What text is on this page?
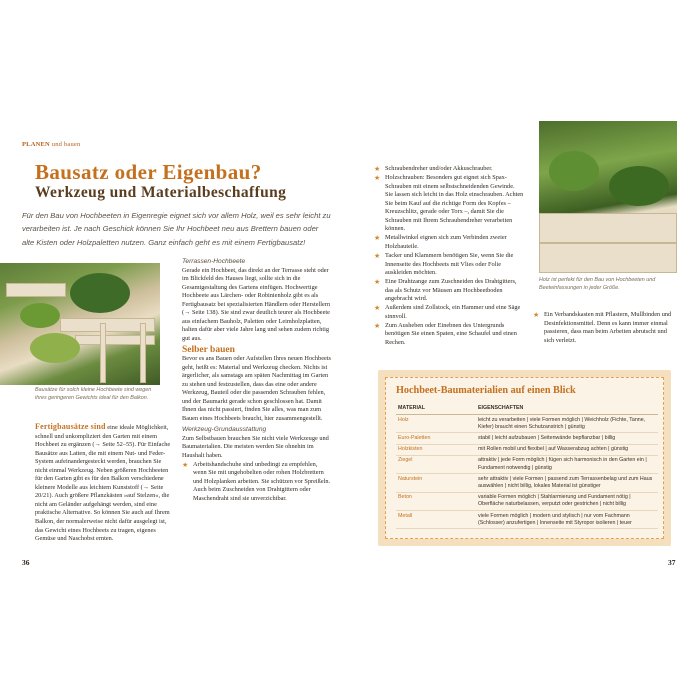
PLANEN und bauen
Bausatz oder Eigenbau?
Werkzeug und Materialbeschaffung
Für den Bau von Hochbeeten in Eigenregie eignet sich vor allem Holz, weil es sehr leicht zu verarbeiten ist. Je nach Geschick können Sie Ihr Hochbeet neu aus Brettern bauen oder alte Kisten oder Holzpaletten nutzen. Ganz einfach geht es mit einem Fertigbausatz!
Bausätze für solch kleine Hochbeete sind wegen ihres geringeren Gewichts ideal für den Balkon.
Fertigbausätze sind eine ideale Möglichkeit, schnell und unkompliziert den Garten mit einem Hochbeet zu ergänzen (→ Seite 52–55). Für Einfache Bausätze aus Latten, die mit einem Nut- und Feder-System aufeinandergesteckt werden, brauchen Sie nicht einmal Werkzeug. Neben größeren Hochbeeten für den Garten gibt es für den Balkon verschiedene kleinere Modelle aus leichtem Kunststoff (→ Seite 20/21). Auch größere Pflanzkästen »auf Stelzen«, die nicht am Geländer aufgehängt werden, sind eine praktische Alternative. So können Sie auch auf Ihrem Balkon, der normalerweise nicht dafür ausgelegt ist, das Gewicht eines Hochbeets zu tragen, eigenes Gemüse und Naschobst ernten.
Terrassen-Hochbeete
Gerade ein Hochbeet, das direkt an der Terrasse steht oder im Blickfeld des Hauses liegt, sollte sich in die Gesamtgestaltung des Gartens einfügen. Hochwertige Hochbeete aus Lärchen- oder Robinienholz gibt es als Fertigbausatz bei spezialisierten Händlern oder Herstellern (→ Seite 138). Sie sind zwar deutlich teurer als Hochbeete aus einfachem Bauholz, Paletten oder Leimholzplatten, halten dafür aber viele Jahre lang und sehen zudem richtig gut aus.
Selber bauen
Bevor es ans Bauen oder Aufstellen Ihres neuen Hochbeets geht, heißt es: Material und Werkzeug checken. Nichts ist ärgerlicher, als samstags am späten Nachmittag im Garten zu stehen und festzustellen, dass das eine oder andere Werkzeug, Bauteil oder die passenden Schrauben fehlen, und der Baumarkt gerade schon geschlossen hat. Damit Ihnen das nicht passiert, finden Sie alles, was man zum Bauen eines Hochbeets braucht, hier zusammengestellt.
Werkzeug-Grundausstattung
Zum Selbstbauen brauchen Sie nicht viele Werkzeuge und Baumaterialien. Die meisten werden Sie ohnehin im Haushalt haben.
★ Arbeitshandschuhe sind unbedingt zu empfehlen, wenn Sie mit ungehobelten oder rohen Holzbrettern und Holzplanken arbeiten. Sie schützen vor Spreißeln. Auch beim Zuschneiden von Drahtgittern oder Maschendraht sind sie unverzichtbar.
36
★ Schraubendreher und/oder Akkuschrauber.
★ Holzschrauben: Besonders gut eignet sich Spax-Schrauben mit einem selbstschneidenden Gewinde. Sie lassen sich leicht in das Holz einschrauben. Achten Sie beim Kauf auf die richtige Form des Kopfes – Kreuzschlitz, gerade oder Torx –, damit Sie die Schrauben mit Ihrem Schraubendreher verarbeiten können.
★ Metallwinkel eignen sich zum Verbinden zweier Holzbauteile.
★ Tacker und Klammern benötigen Sie, wenn Sie die Innenseite des Hochbeets mit Vlies oder Folie auskleiden möchten.
★ Eine Drahtzange zum Zuschneiden des Drahtgitters, das als Schutz vor Mäusen am Hochbeetboden angebracht wird.
★ Außerdem sind Zollstock, ein Hammer und eine Säge sinnvoll.
★ Zum Ausheben oder Einebnen des Untergrunds benötigen Sie einen Spaten, eine Schaufel und einen Rechen.
Holz ist perfekt für den Bau von Hochbeeten und Beeteinfassungen in jeder Größe.
★ Ein Verbandskasten mit Pflastern, Mullbinden und Desinfektionsmittel. Denn es kann immer einmal passieren, dass man beim Arbeiten abrutscht und sich verletzt.
Hochbeet-Baumaterialien auf einen Blick
MATERIAL	EIGENSCHAFTEN
Holz	leicht zu verarbeiten | viele Formen möglich | Weichholz (Fichte, Tanne, Kiefer) braucht einen Schutzanstrich | günstig
Euro-Paletten	stabil | leicht aufzubauen | Seitenwände bepflanzbar | billig
Holzkisten	mit Rollen mobil und flexibel | auf Wasserabzug achten | günstig
Ziegel	attraktiv | jede Form möglich | fügen sich harmonisch in den Garten ein | Fundament notwendig | günstig
Naturstein	sehr attraktiv | viele Formen | passend zum Terrassenbelag und zum Haus auswählen | nicht billig, lokales Material ist günstiger
Beton	variable Formen möglich | Stahlarmierung und Fundament nötig | Oberfläche naturbelassen, verputzt oder gestrichen | nicht billig
Metall	viele Formen möglich | modern und stylisch | nur vom Fachmann (Schlosser) anzufertigen | Innenseite mit Styropor isolieren | teuer
37
